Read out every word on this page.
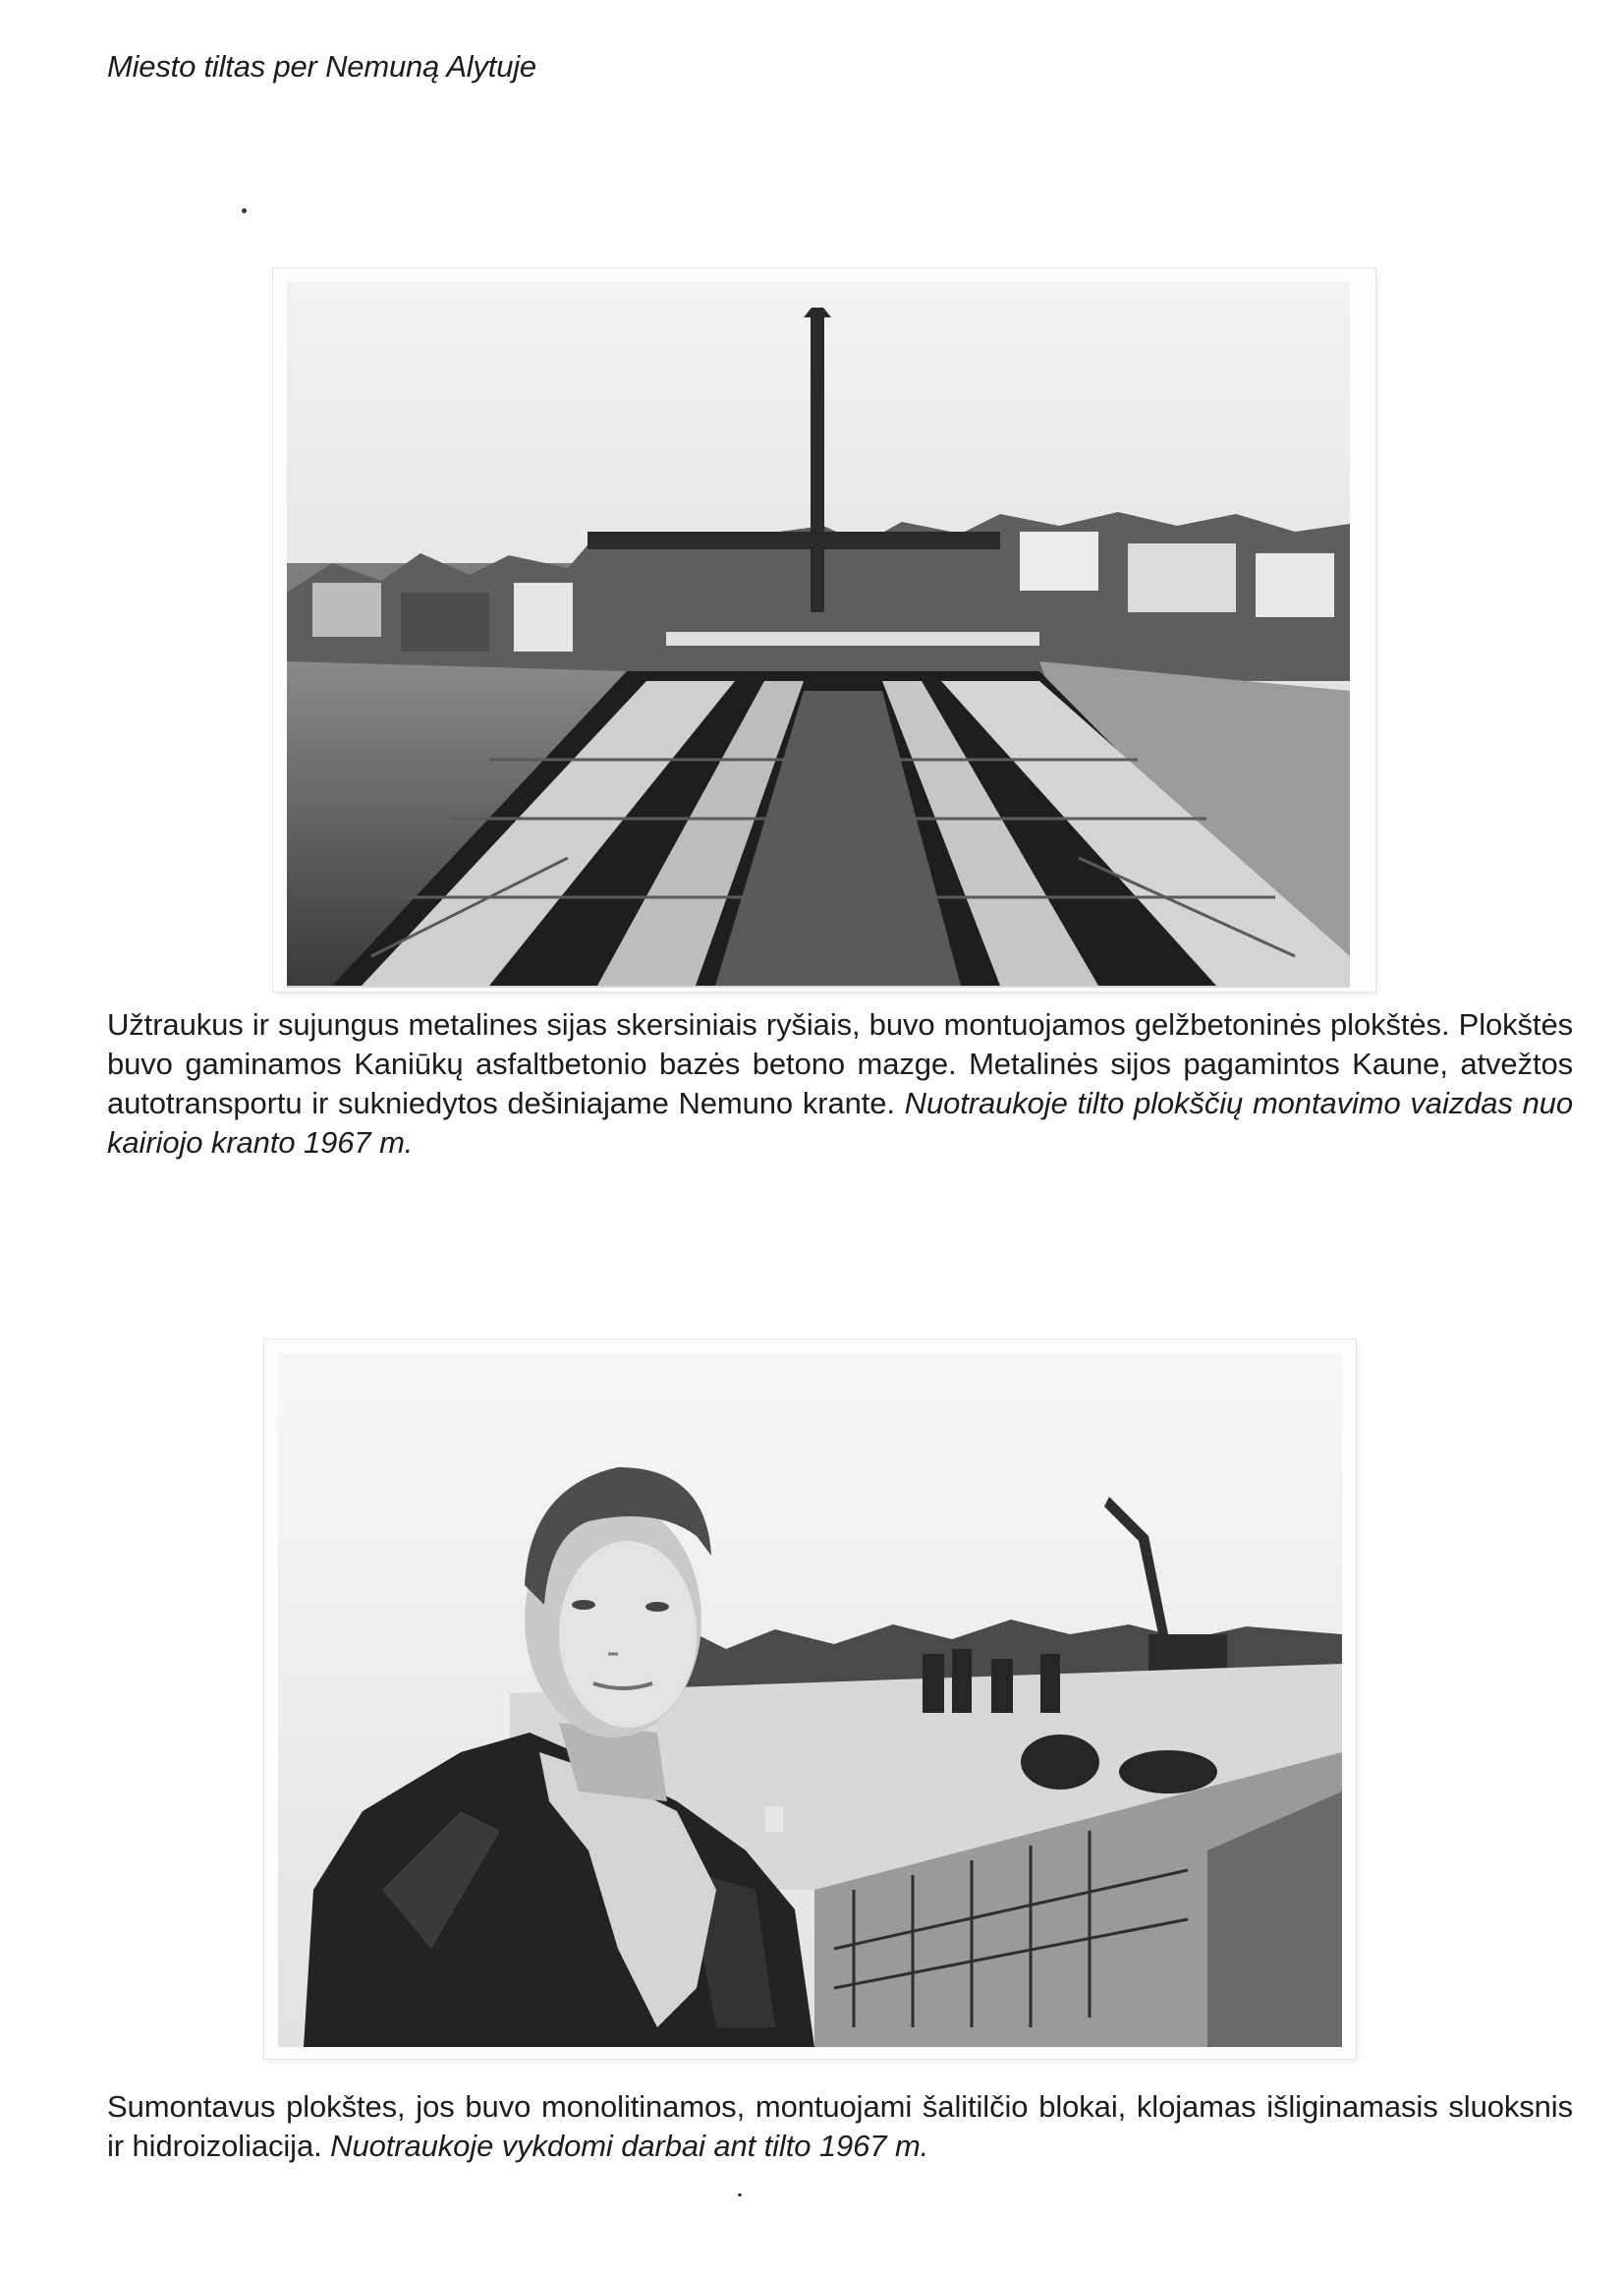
Miesto tiltas per Nemuną Alytuje
Užtraukus ir sujungus metalines sijas skersiniais ryšiais, buvo montuojamos gelžbetoninės plokštės. Plokštės buvo gaminamos Kaniūkų asfaltbetonio bazės betono mazge. Metalinės sijos pagamintos Kaune, atvežtos autotransportu ir sukniedytos dešiniajame Nemuno krante. Nuotraukoje tilto plokščių montavimo vaizdas nuo kairiojo kranto 1967 m.
Sumontavus plokštes, jos buvo monolitinamos, montuojami šalitilčio blokai, klojamas išliginamasis sluoksnis ir hidroizoliacija. Nuotraukoje vykdomi darbai ant tilto 1967 m.
